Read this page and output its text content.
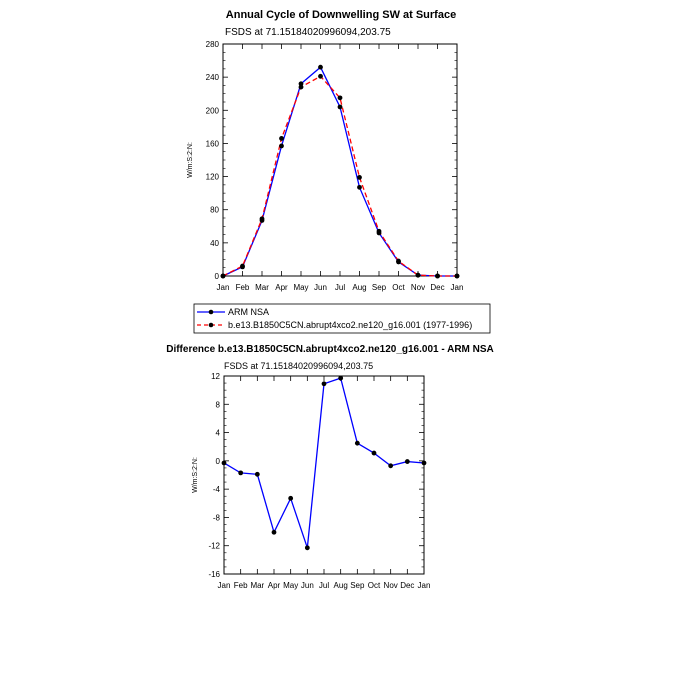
Annual Cycle of Downwelling SW at Surface
FSDS at 71.15184020996094,203.75
0
40
80
120
160
200
240
280
Jan Feb Mar Apr May Jun Jul Aug Sep Oct Nov Dec Jan
W/m:S:2:N:
ARM NSA
b.e13.B1850C5CN.abrupt4xco2.ne120_g16.001 (1977-1996)
Difference b.e13.B1850C5CN.abrupt4xco2.ne120_g16.001 - ARM NSA
FSDS at 71.15184020996094,203.75
-16
-12
-8
-4
0
4
8
12
Jan Feb Mar Apr May Jun Jul Aug Sep Oct Nov Dec Jan
W/m:S:2:N:
